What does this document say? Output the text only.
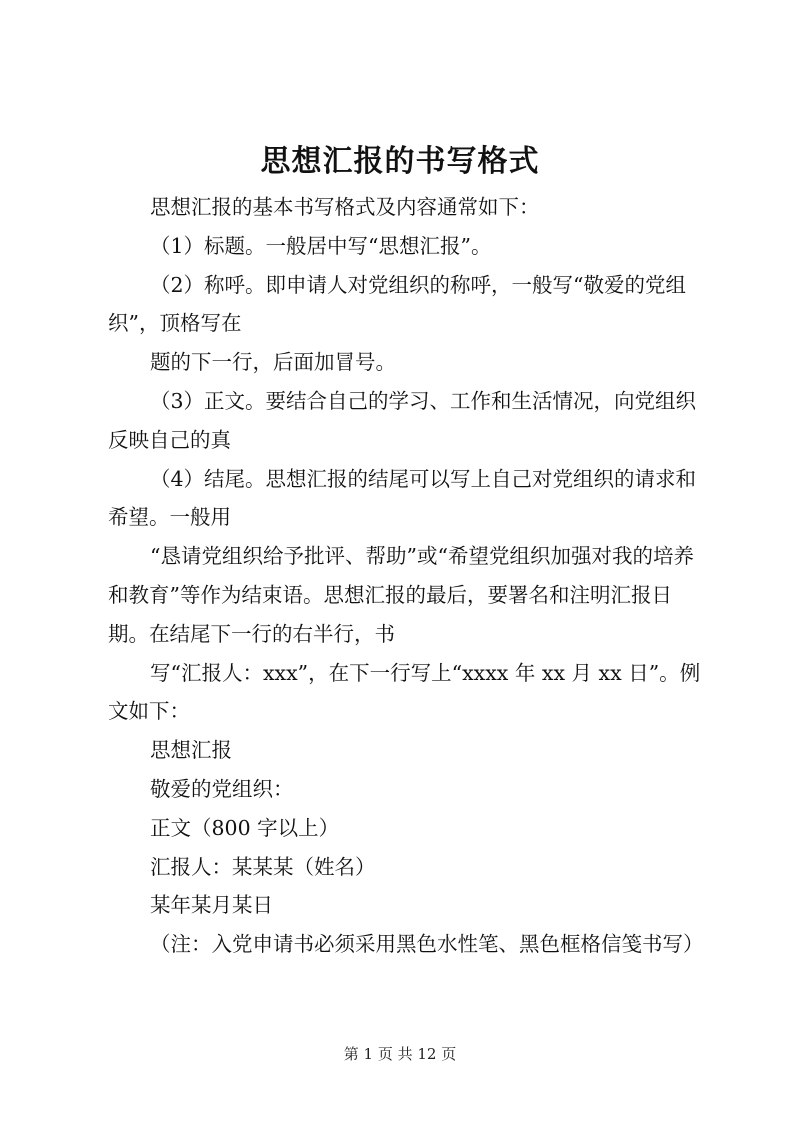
思想汇报的书写格式

思想汇报的基本书写格式及内容通常如下：

（1）标题。一般居中写“思想汇报”。

（2）称呼。即申请人对党组织的称呼，一般写“敬爱的党组织”，顶格写在

题的下一行，后面加冒号。

（3）正文。要结合自己的学习、工作和生活情况，向党组织反映自己的真

（4）结尾。思想汇报的结尾可以写上自己对党组织的请求和希望。一般用

“恳请党组织给予批评、帮助”或“希望党组织加强对我的培养和教育”等作为结束语。思想汇报的最后，要署名和注明汇报日期。在结尾下一行的右半行，书

写“汇报人：xxx”，在下一行写上“xxxx 年 xx 月 xx 日”。例文如下：

思想汇报

敬爱的党组织：

正文（800 字以上）

汇报人：某某某（姓名）

某年某月某日

（注：入党申请书必须采用黑色水性笔、黑色框格信笺书写）

第 1 页 共 12 页
